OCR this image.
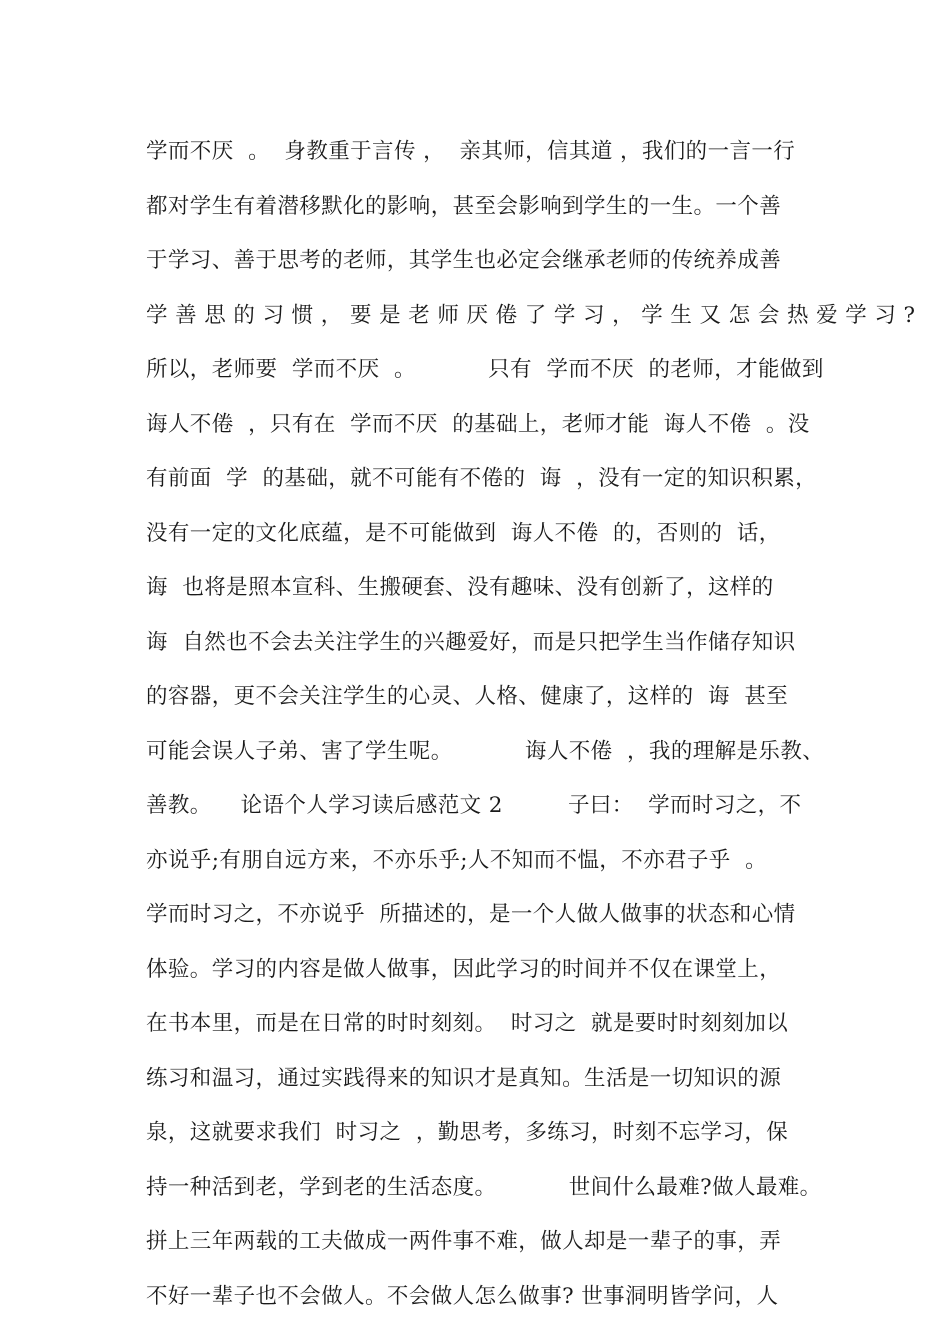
学而不厌  。  身教重于言传 ，  亲其师，信其道 ，我们的一言一行
都对学生有着潜移默化的影响，甚至会影响到学生的一生。一个善
于学习、善于思考的老师，其学生也必定会继承老师的传统养成善
学 善 思 的 习 惯 ， 要 是 老 师 厌 倦 了 学 习 ， 学 生 又 怎 会 热 爱 学 习 ?
所以，老师要  学而不厌  。          只有  学而不厌  的老师，才能做到
诲人不倦  ，只有在  学而不厌  的基础上，老师才能  诲人不倦  。没
有前面  学  的基础，就不可能有不倦的  诲  ，没有一定的知识积累，
没有一定的文化底蕴，是不可能做到  诲人不倦  的，否则的  话，
诲  也将是照本宣科、生搬硬套、没有趣味、没有创新了，这样的
诲  自然也不会去关注学生的兴趣爱好，而是只把学生当作储存知识
的容器，更不会关注学生的心灵、人格、健康了，这样的  诲  甚至
可能会误人子弟、害了学生呢。          诲人不倦  ，我的理解是乐教、
善教。    论语个人学习读后感范文 2         子曰：  学而时习之，不
亦说乎;有朋自远方来，不亦乐乎;人不知而不愠，不亦君子乎  。
学而时习之，不亦说乎  所描述的，是一个人做人做事的状态和心情
体验。学习的内容是做人做事，因此学习的时间并不仅在课堂上，
在书本里，而是在日常的时时刻刻。  时习之  就是要时时刻刻加以
练习和温习，通过实践得来的知识才是真知。生活是一切知识的源
泉，这就要求我们  时习之  ，勤思考，多练习，时刻不忘学习，保
持一种活到老，学到老的生活态度。          世间什么最难?做人最难。
拼上三年两载的工夫做成一两件事不难，做人却是一辈子的事，弄
不好一辈子也不会做人。不会做人怎么做事? 世事洞明皆学问，人
